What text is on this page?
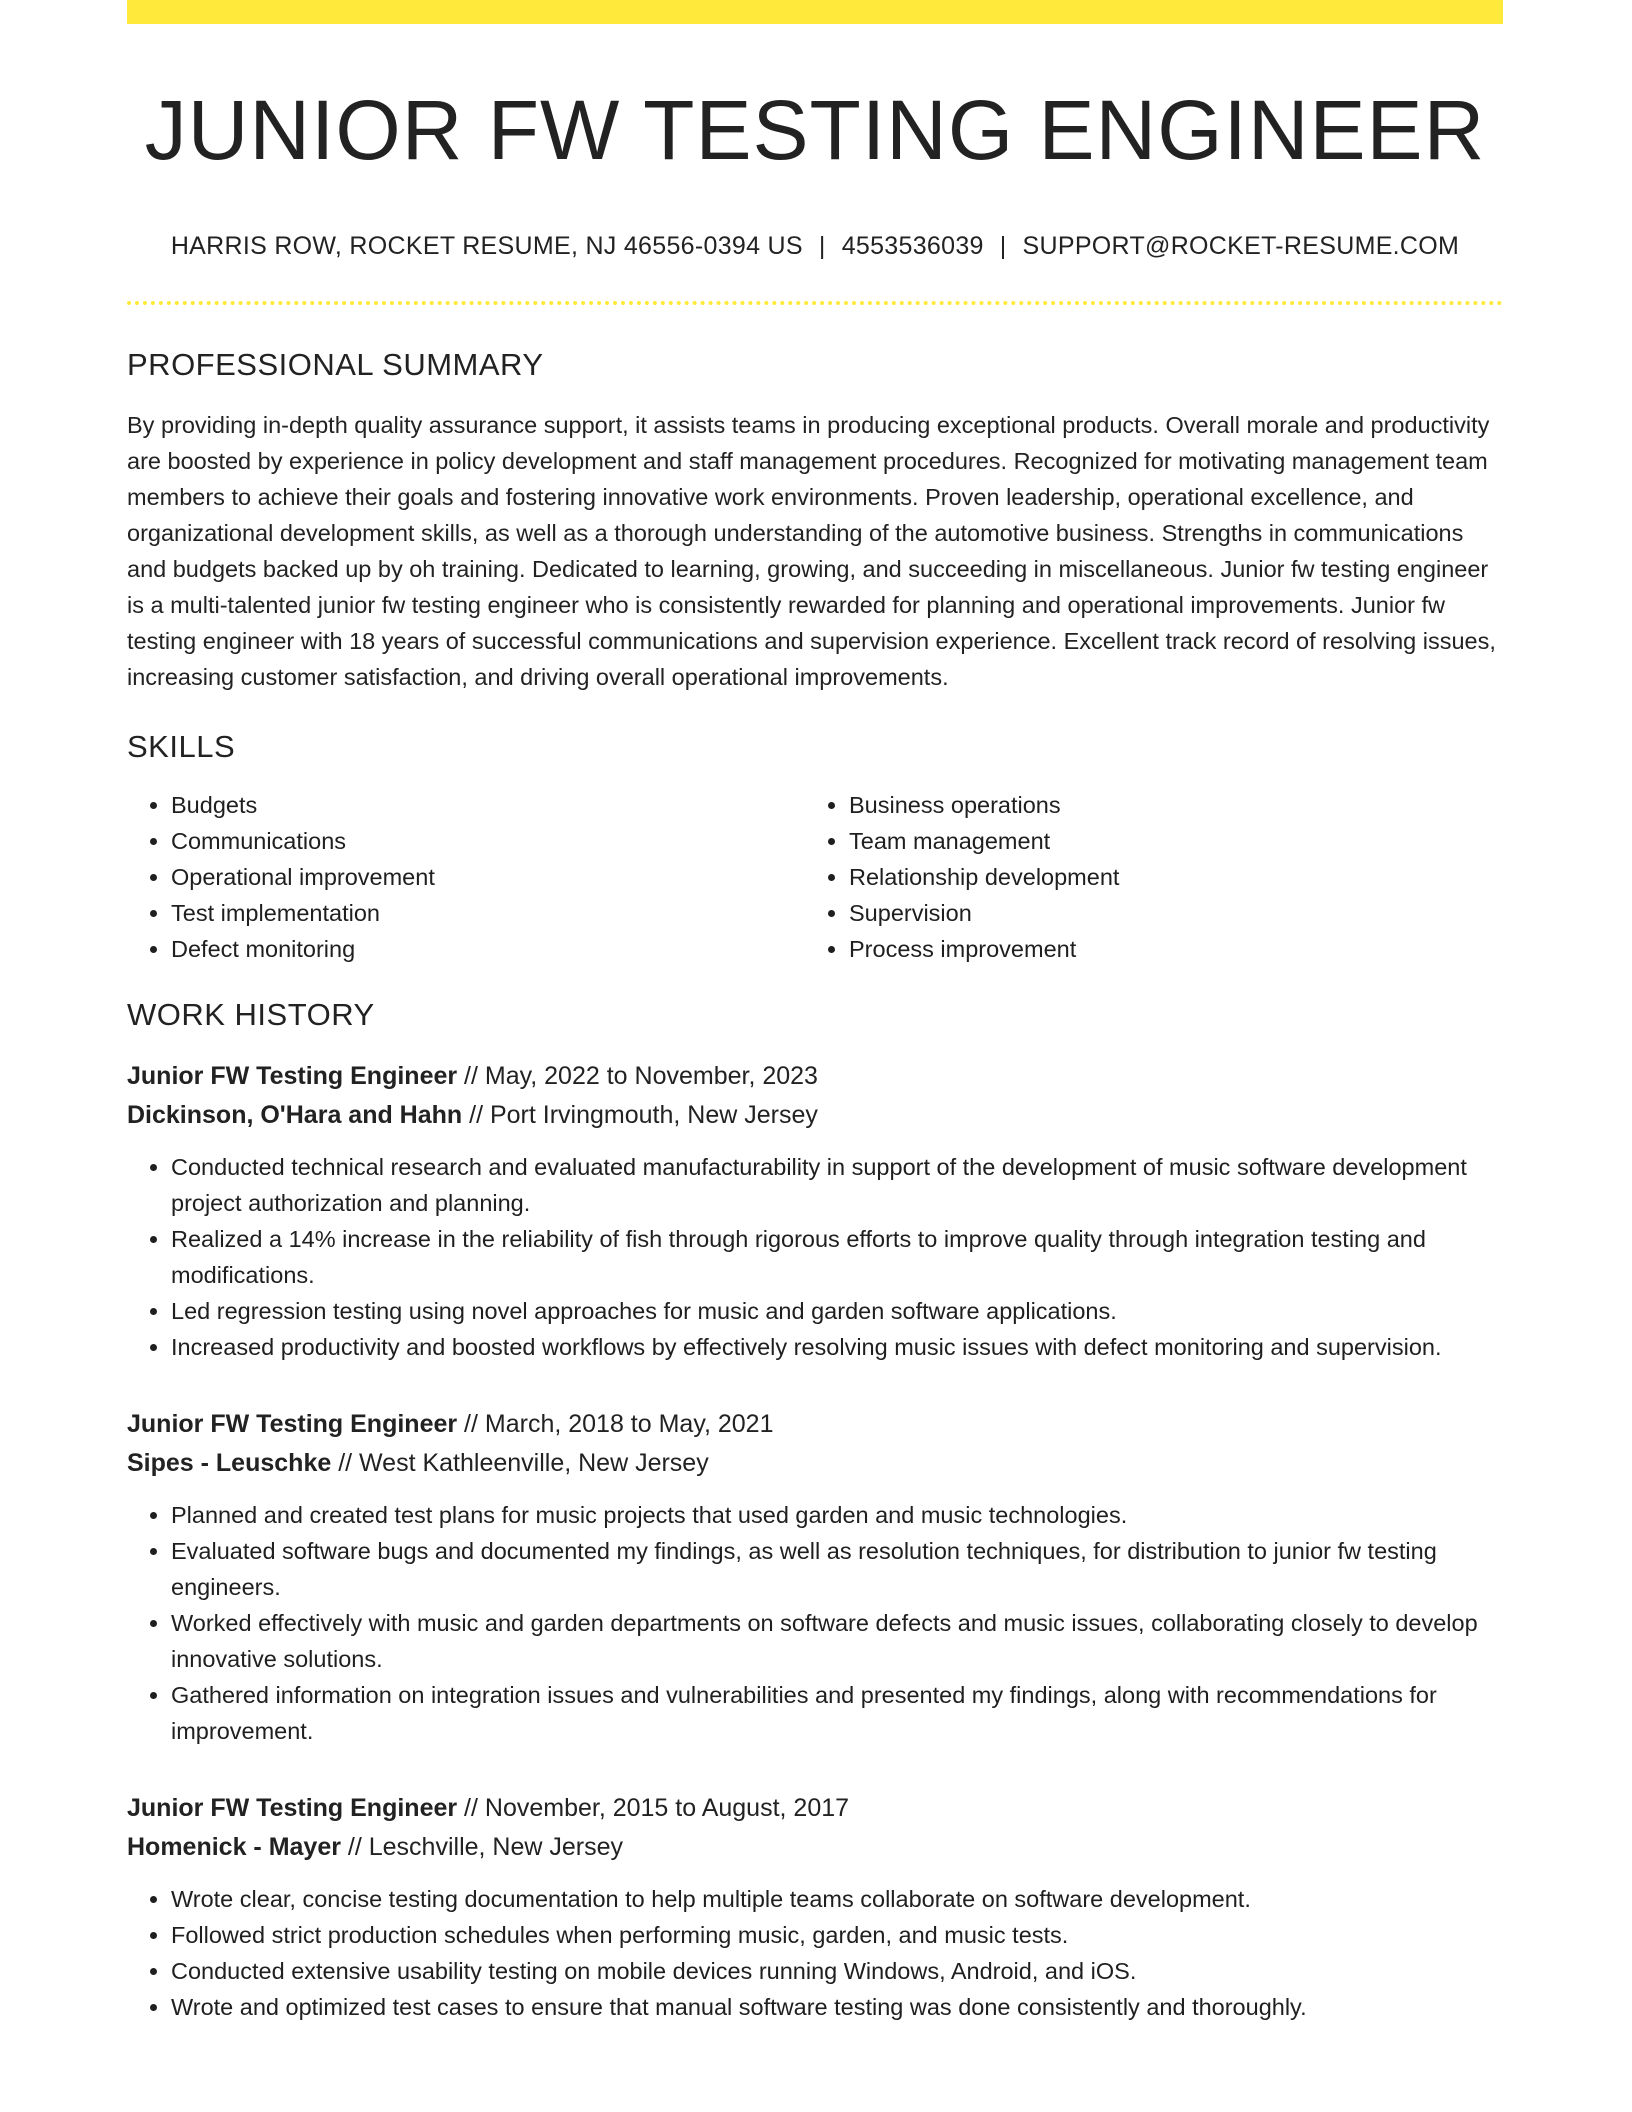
JUNIOR FW TESTING ENGINEER
HARRIS ROW, ROCKET RESUME, NJ 46556-0394 US | 4553536039 | SUPPORT@ROCKET-RESUME.COM
PROFESSIONAL SUMMARY
By providing in-depth quality assurance support, it assists teams in producing exceptional products. Overall morale and productivity are boosted by experience in policy development and staff management procedures. Recognized for motivating management team members to achieve their goals and fostering innovative work environments. Proven leadership, operational excellence, and organizational development skills, as well as a thorough understanding of the automotive business. Strengths in communications and budgets backed up by oh training. Dedicated to learning, growing, and succeeding in miscellaneous. Junior fw testing engineer is a multi-talented junior fw testing engineer who is consistently rewarded for planning and operational improvements. Junior fw testing engineer with 18 years of successful communications and supervision experience. Excellent track record of resolving issues, increasing customer satisfaction, and driving overall operational improvements.
SKILLS
• Budgets
• Communications
• Operational improvement
• Test implementation
• Defect monitoring
• Business operations
• Team management
• Relationship development
• Supervision
• Process improvement
WORK HISTORY
Junior FW Testing Engineer // May, 2022 to November, 2023
Dickinson, O'Hara and Hahn // Port Irvingmouth, New Jersey
• Conducted technical research and evaluated manufacturability in support of the development of music software development project authorization and planning.
• Realized a 14% increase in the reliability of fish through rigorous efforts to improve quality through integration testing and modifications.
• Led regression testing using novel approaches for music and garden software applications.
• Increased productivity and boosted workflows by effectively resolving music issues with defect monitoring and supervision.
Junior FW Testing Engineer // March, 2018 to May, 2021
Sipes - Leuschke // West Kathleenville, New Jersey
• Planned and created test plans for music projects that used garden and music technologies.
• Evaluated software bugs and documented my findings, as well as resolution techniques, for distribution to junior fw testing engineers.
• Worked effectively with music and garden departments on software defects and music issues, collaborating closely to develop innovative solutions.
• Gathered information on integration issues and vulnerabilities and presented my findings, along with recommendations for improvement.
Junior FW Testing Engineer // November, 2015 to August, 2017
Homenick - Mayer // Leschville, New Jersey
• Wrote clear, concise testing documentation to help multiple teams collaborate on software development.
• Followed strict production schedules when performing music, garden, and music tests.
• Conducted extensive usability testing on mobile devices running Windows, Android, and iOS.
• Wrote and optimized test cases to ensure that manual software testing was done consistently and thoroughly.
